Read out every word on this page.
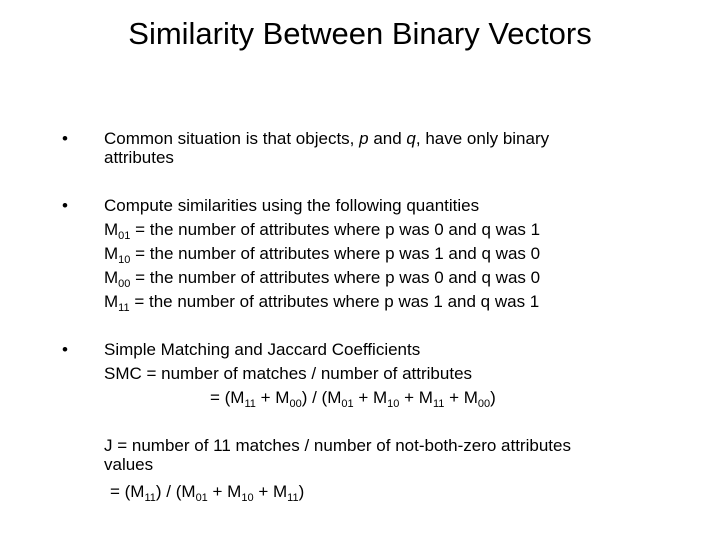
Similarity Between Binary Vectors
• Common situation is that objects, p and q, have only binary
attributes
• Compute similarities using the following quantities
$M_{01}$ = the number of attributes where p was 0 and q was 1
$M_{10}$ = the number of attributes where p was 1 and q was 0
$M_{00}$ = the number of attributes where p was 0 and q was 0
$M_{11}$ = the number of attributes where p was 1 and q was 1
• Simple Matching and Jaccard Coefficients
SMC = number of matches / number of attributes
= $(M_{11} + M_{00}) / (M_{01} + M_{10} + M_{11} + M_{00})$
J = number of 11 matches / number of not-both-zero attributes
values
= $(M_{11}) / (M_{01} + M_{10} + M_{11})$
